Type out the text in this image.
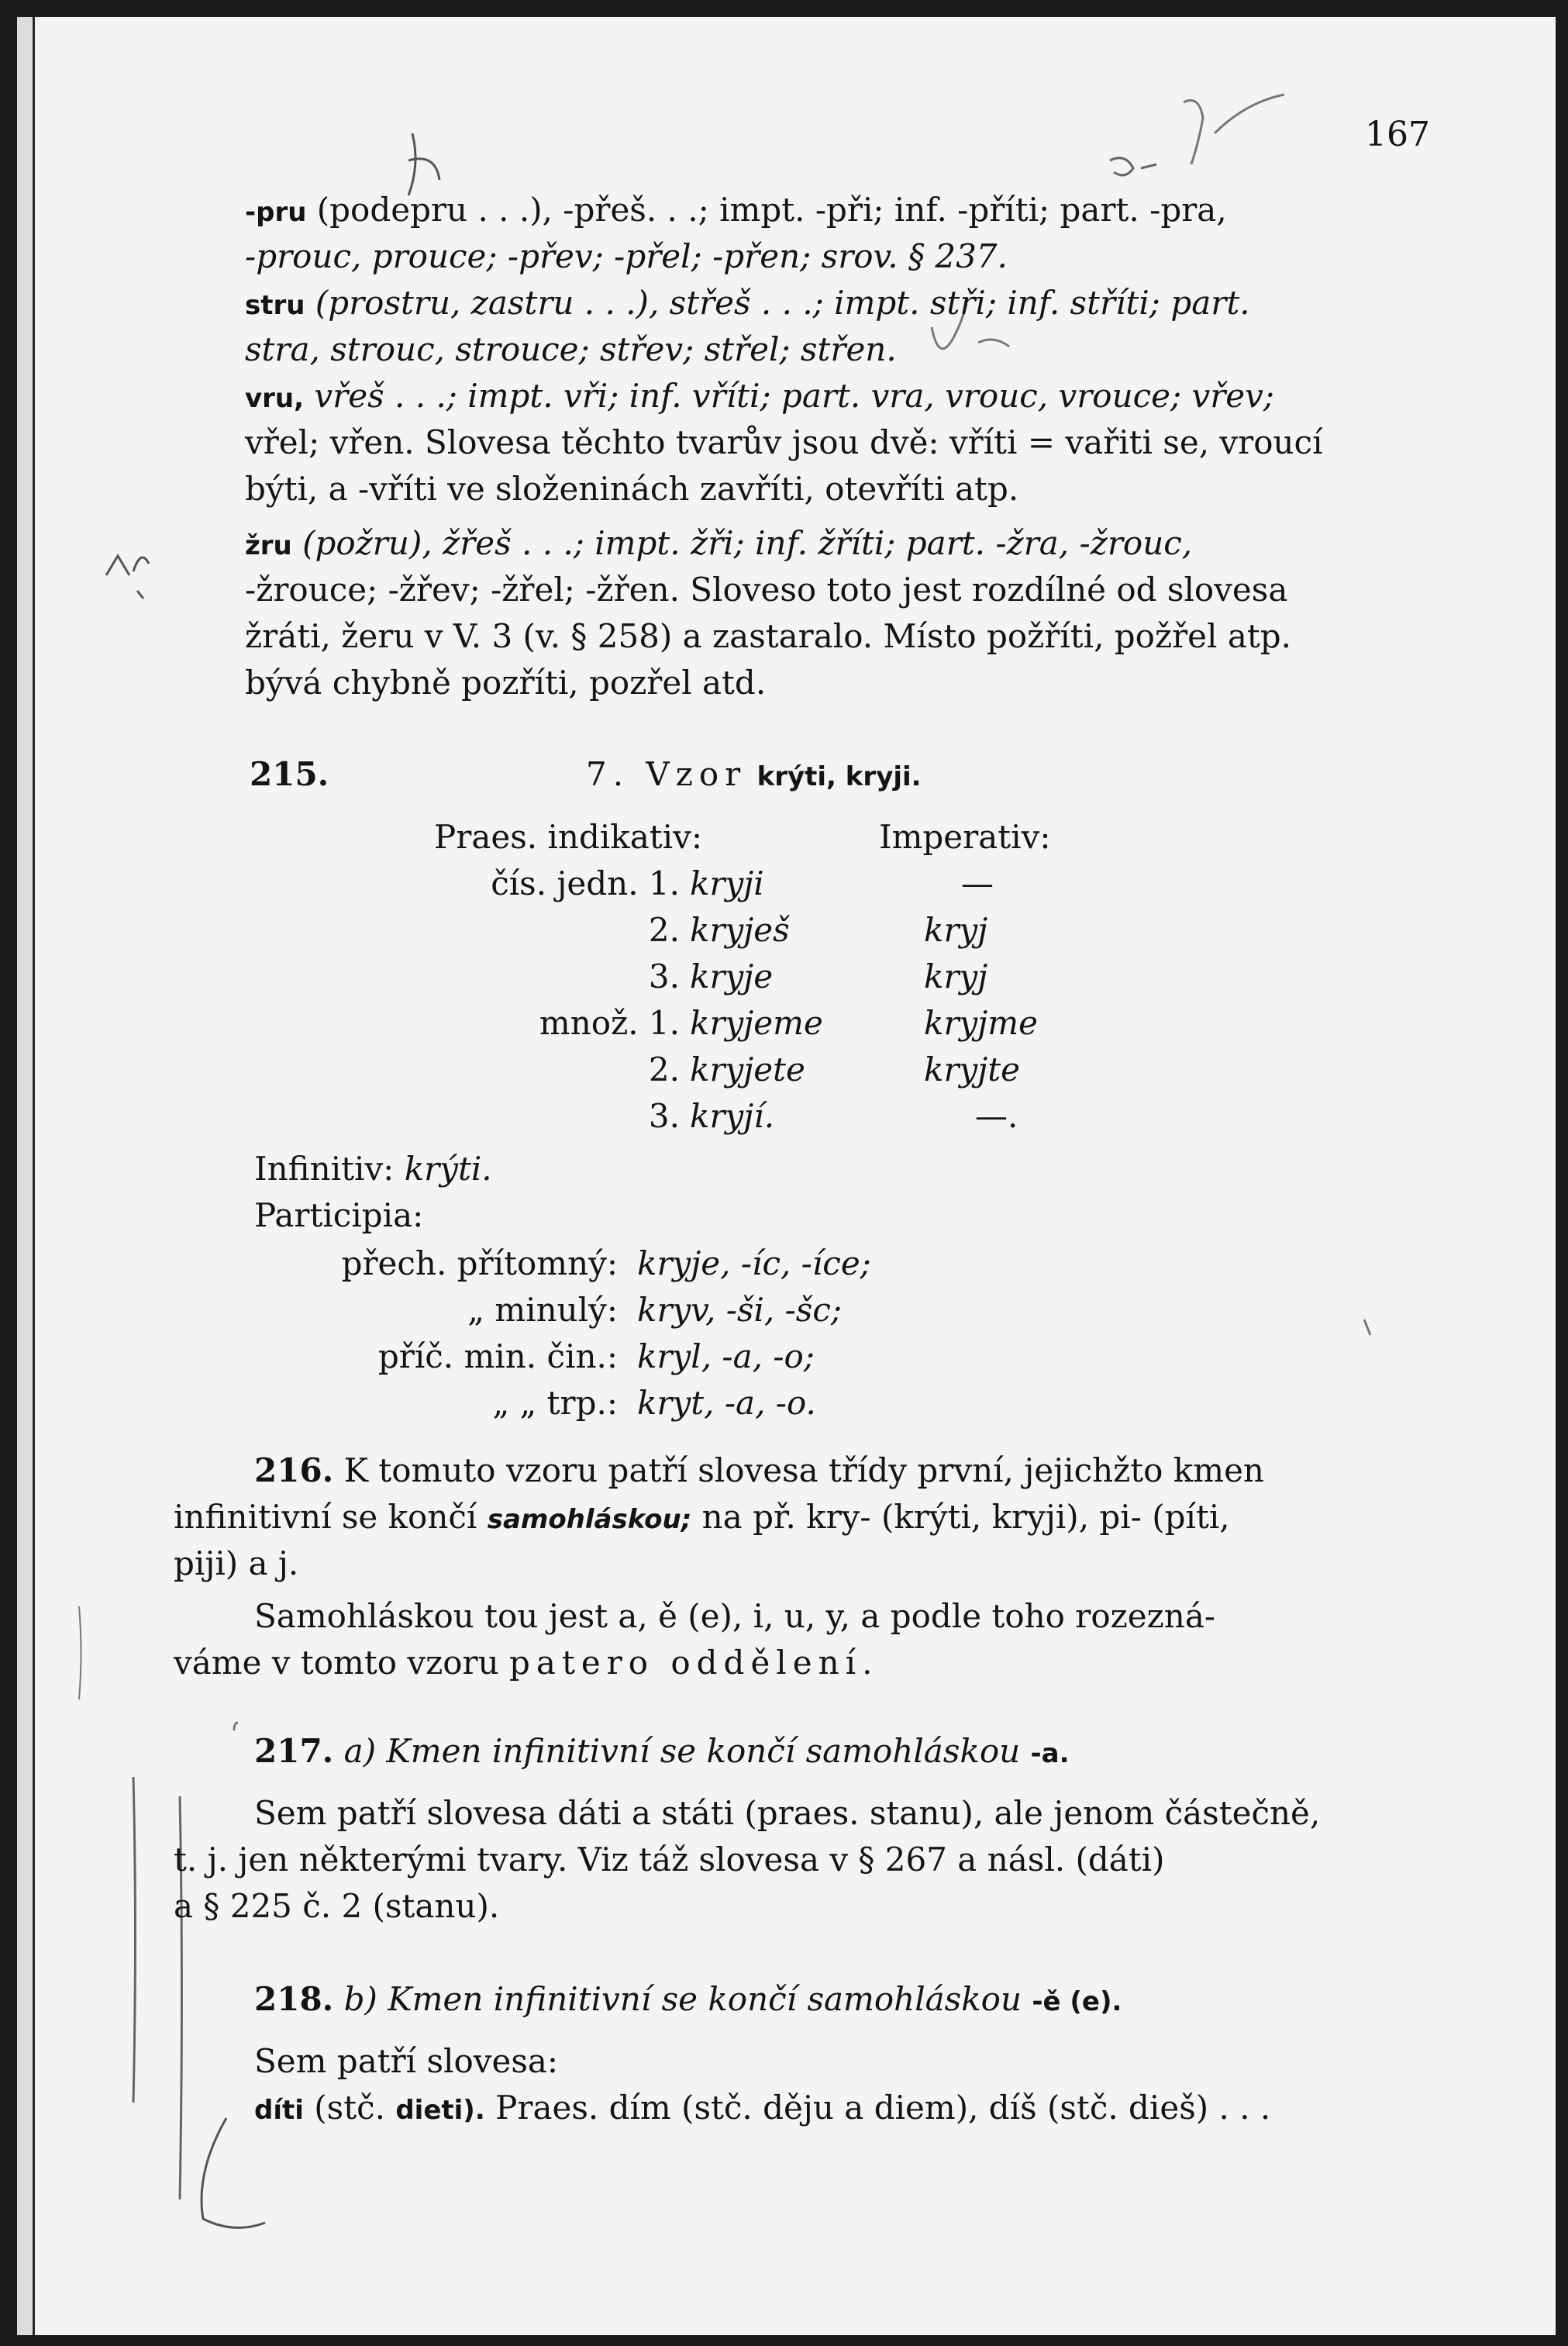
167
-pru (podepru . . .), -přeš. . .; impt. -při; inf. -příti; part. -pra,
-prouc, prouce; -přev; -přel; -přen; srov. § 237.
stru (prostru, zastru . . .), střeš . . .; impt. stři; inf. stříti; part.
stra, strouc, strouce; střev; střel; střen.
vru, vřeš . . .; impt. vři; inf. vříti; part. vra, vrouc, vrouce; vřev;
vřel; vřen. Slovesa těchto tvarův jsou dvě: vříti = vařiti se, vroucí
býti, a -vříti ve složeninách zavříti, otevříti atp.
žru (požru), žřeš . . .; impt. žři; inf. žříti; part. -žra, -žrouc,
-žrouce; -žřev; -žřel; -žřen. Sloveso toto jest rozdílné od slovesa
žráti, žeru v V. 3 (v. § 258) a zastaralo. Místo požříti, požřel atp.
bývá chybně pozříti, pozřel atd.
215.	7. Vzor krýti, kryji.
Praes. indikativ:	Imperativ:
čís. jedn. 1. kryji	—
2. kryješ	kryj
3. kryje	kryj
množ. 1. kryjeme	kryjme
2. kryjete	kryjte
3. kryjí.	—.
Infinitiv: krýti.
Participia:
přech. přítomný: kryje, -íc, -íce;
„ minulý: kryv, -ši, -šc;
příč. min. čin.: kryl, -a, -o;
„ „ trp.: kryt, -a, -o.
216. K tomuto vzoru patří slovesa třídy první, jejichžto kmen
infinitivní se končí samohláskou; na př. kry- (krýti, kryji), pi- (píti,
piji) a j.
Samohláskou tou jest a, ě (e), i, u, y, a podle toho rozezná-
váme v tomto vzoru patero oddělení.
217. a) Kmen infinitivní se končí samohláskou -a.
Sem patří slovesa dáti a státi (praes. stanu), ale jenom částečně,
t. j. jen některými tvary. Viz táž slovesa v § 267 a násl. (dáti)
a § 225 č. 2 (stanu).
218. b) Kmen infinitivní se končí samohláskou -ě (e).
Sem patří slovesa:
díti (stč. dieti). Praes. dím (stč. děju a diem), díš (stč. dieš) . . .
